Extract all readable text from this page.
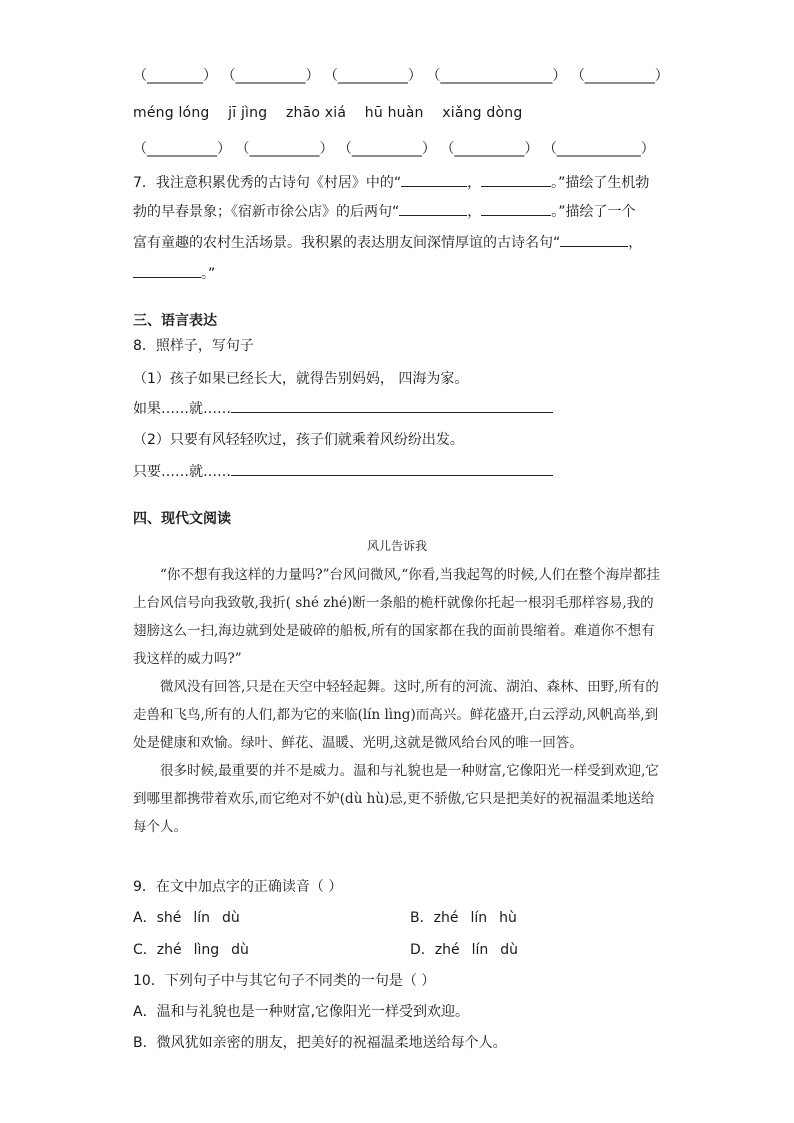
（________） （__________） （__________） （________________） （__________）
méng lóng jī jìng zhāo xiá hū huàn xiǎng dòng
（__________） （__________） （__________） （__________） （____________）
7．我注意积累优秀的古诗句《村居》中的“	，	。”描绘了生机勃
勃的早春景象；《宿新市徐公店》的后两句“	，	。”描绘了一个
富有童趣的农村生活场景。我积累的表达朋友间深情厚谊的古诗名句“	，
。”
三、语言表达
8．照样子，写句子
（1）孩子如果已经长大，就得告别妈妈， 四海为家。
如果……就……
（2）只要有风轻轻吹过，孩子们就乘着风纷纷出发。
只要……就……
四、现代文阅读
风儿告诉我

“你不想有我这样的力量吗?”台风问微风,“你看,当我起驾的时候,人们在整个海岸都挂上台风信号向我致敬,我折( shé zhé)断一条船的桅杆就像你托起一根羽毛那样容易,我的翅膀这么一扫,海边就到处是破碎的船板,所有的国家都在我的面前畏缩着。难道你不想有我这样的威力吗?”

微风没有回答,只是在天空中轻轻起舞。这时,所有的河流、湖泊、森林、田野,所有的走兽和飞鸟,所有的人们,都为它的来临(lín lìng)而高兴。鲜花盛开,白云浮动,风帆高举,到处是健康和欢愉。绿叶、鲜花、温暖、光明,这就是微风给台风的唯一回答。

很多时候,最重要的并不是威力。温和与礼貌也是一种财富,它像阳光一样受到欢迎,它到哪里都携带着欢乐,而它绝对不妒(dù hù)忌,更不骄傲,它只是把美好的祝福温柔地送给每个人。

9．在文中加点字的正确读音（ ）
A．shé lín dù	B．zhé lín hù
C．zhé lìng dù	D．zhé lín dù
10．下列句子中与其它句子不同类的一句是（ ）
A．温和与礼貌也是一种财富,它像阳光一样受到欢迎。
B．微风犹如亲密的朋友，把美好的祝福温柔地送给每个人。
